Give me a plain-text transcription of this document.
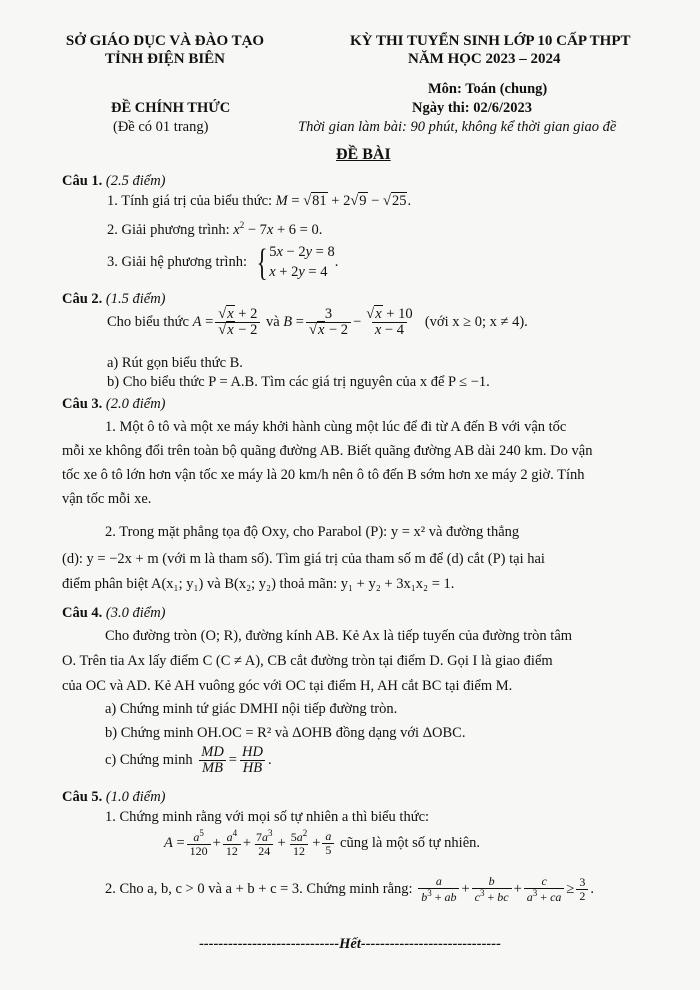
SỞ GIÁO DỤC VÀ ĐÀO TẠO
TỈNH ĐIỆN BIÊN
KỲ THI TUYỂN SINH LỚP 10 CẤP THPT
NĂM HỌC 2023 – 2024
Môn: Toán (chung)
ĐỀ CHÍNH THỨC	Ngày thi: 02/6/2023
(Đề có 01 trang)	Thời gian làm bài: 90 phút, không kể thời gian giao đề
ĐỀ BÀI
Câu 1. (2.5 điểm)
1. Tính giá trị của biểu thức: M = √81 + 2√9 − √25.
2. Giải phương trình: $x^2 - 7x + 6 = 0$.
3. Giải hệ phương trình: { 5x − 2y = 8
x + 2y = 4
.
Câu 2. (1.5 điểm)
Cho biểu thức
$A = \frac{√x + 2}{√x - 2}$
và
$B = \frac{3}{√x - 2} - \frac{√x + 10}{x - 4}$
(với x ≥ 0; x ≠ 4).
a) Rút gọn biểu thức B.
b) Cho biểu thức P = A.B. Tìm các giá trị nguyên của x để P ≤ −1.
Câu 3. (2.0 điểm)
1. Một ô tô và một xe máy khởi hành cùng một lúc để đi từ A đến B với vận tốc
mỗi xe không đổi trên toàn bộ quãng đường AB. Biết quãng đường AB dài 240 km. Do vận
tốc xe ô tô lớn hơn vận tốc xe máy là 20 km/h nên ô tô đến B sớm hơn xe máy 2 giờ. Tính
vận tốc mỗi xe.
2. Trong mặt phẳng tọa độ Oxy, cho Parabol (P): y = x² và đường thẳng
(d): y = −2x + m (với m là tham số). Tìm giá trị của tham số m để (d) cắt (P) tại hai
điểm phân biệt A(x₁; y₁) và B(x₂; y₂) thoả mãn: y₁ + y₂ + 3x₁x₂ = 1.
Câu 4. (3.0 điểm)
Cho đường tròn (O; R), đường kính AB. Kẻ Ax là tiếp tuyến của đường tròn tâm
O. Trên tia Ax lấy điểm C (C ≠ A), CB cắt đường tròn tại điểm D. Gọi I là giao điểm
của OC và AD. Kẻ AH vuông góc với OC tại điểm H, AH cắt BC tại điểm M.
a) Chứng minh tứ giác DMHI nội tiếp đường tròn.
b) Chứng minh OH.OC = R² và ΔOHB đồng dạng với ΔOBC.
c) Chứng minh
$\frac{MD}{MB} = \frac{HD}{HB}$ .
Câu 5. (1.0 điểm)
1. Chứng minh rằng với mọi số tự nhiên a thì biểu thức:
$A = \frac{a^5}{120} + \frac{a^4}{12} + \frac{7a^3}{24} + \frac{5a^2}{12} + \frac{a}{5}$
cũng là một số tự nhiên.
2. Cho a, b, c > 0 và a + b + c = 3. Chứng minh rằng:
$\frac{a}{b^3 + ab} + \frac{b}{c^3 + bc} + \frac{c}{a^3 + ca} \ge \frac{3}{2}$ .
-----------------------------Hết-----------------------------
